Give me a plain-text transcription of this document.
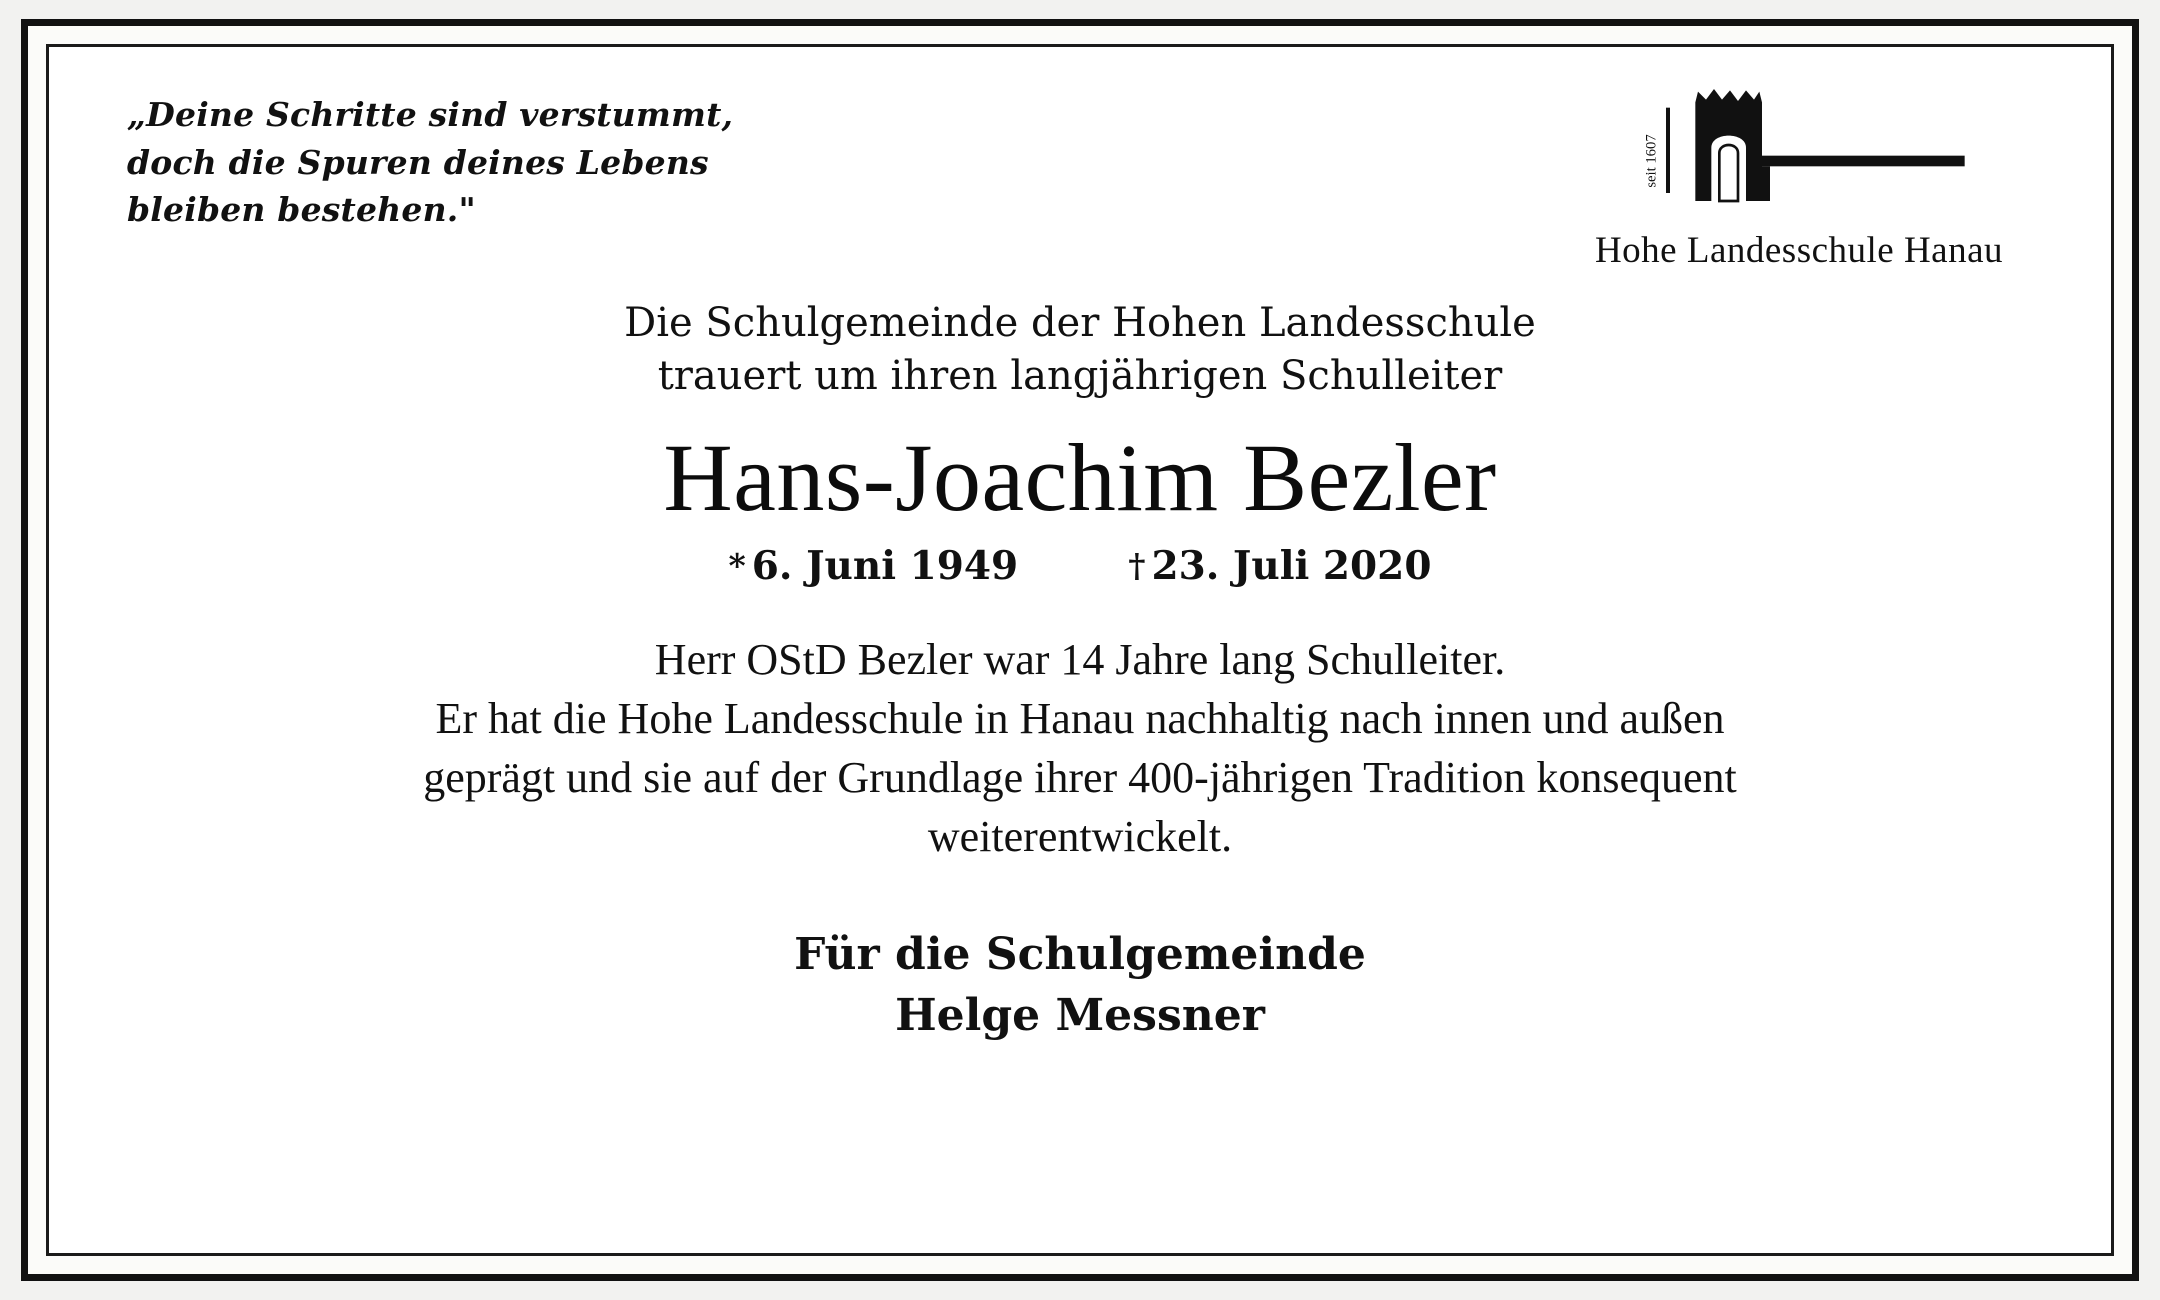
„Deine Schritte sind verstummt,
doch die Spuren deines Lebens
bleiben bestehen."
seit 1607
Hohe Landesschule Hanau
Die Schulgemeinde der Hohen Landesschule
trauert um ihren langjährigen Schulleiter
Hans-Joachim Bezler
* 6. Juni 1949	† 23. Juli 2020
Herr OStD Bezler war 14 Jahre lang Schulleiter.
Er hat die Hohe Landesschule in Hanau nachhaltig nach innen und außen
geprägt und sie auf der Grundlage ihrer 400-jährigen Tradition konsequent
weiterentwickelt.
Für die Schulgemeinde
Helge Messner
